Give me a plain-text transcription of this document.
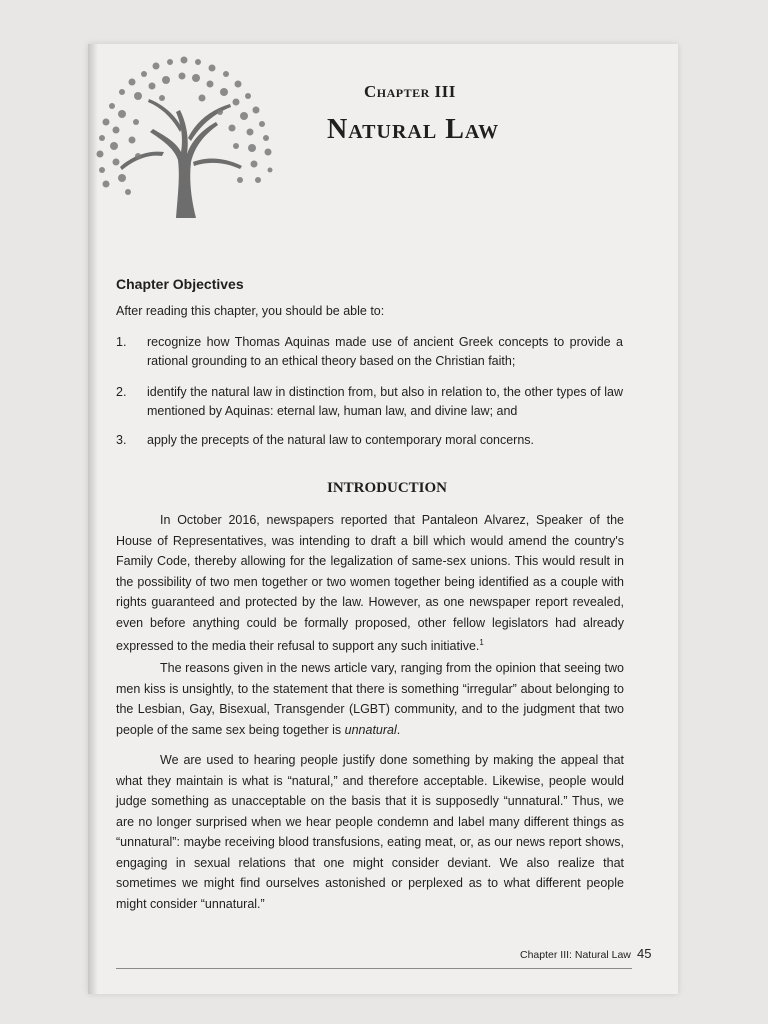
Chapter III
Natural Law
Chapter Objectives
After reading this chapter, you should be able to:
1. recognize how Thomas Aquinas made use of ancient Greek concepts to provide a rational grounding to an ethical theory based on the Christian faith;
2. identify the natural law in distinction from, but also in relation to, the other types of law mentioned by Aquinas: eternal law, human law, and divine law; and
3. apply the precepts of the natural law to contemporary moral concerns.
INTRODUCTION

In October 2016, newspapers reported that Pantaleon Alvarez, Speaker of the House of Representatives, was intending to draft a bill which would amend the country's Family Code, thereby allowing for the legalization of same-sex unions. This would result in the possibility of two men together or two women together being identified as a couple with rights guaranteed and protected by the law. However, as one newspaper report revealed, even before anything could be formally proposed, other fellow legislators had already expressed to the media their refusal to support any such initiative.$^1$

The reasons given in the news article vary, ranging from the opinion that seeing two men kiss is unsightly, to the statement that there is something “irregular” about belonging to the Lesbian, Gay, Bisexual, Transgender (LGBT) community, and to the judgment that two people of the same sex being together is unnatural.

We are used to hearing people justify done something by making the appeal that what they maintain is what is “natural,” and therefore acceptable. Likewise, people would judge something as unacceptable on the basis that it is supposedly “unnatural.” Thus, we are no longer surprised when we hear people condemn and label many different things as “unnatural”: maybe receiving blood transfusions, eating meat, or, as our news report shows, engaging in sexual relations that one might consider deviant. We also realize that sometimes we might find ourselves astonished or perplexed as to what different people might consider “unnatural.”

Chapter III: Natural Law 45
